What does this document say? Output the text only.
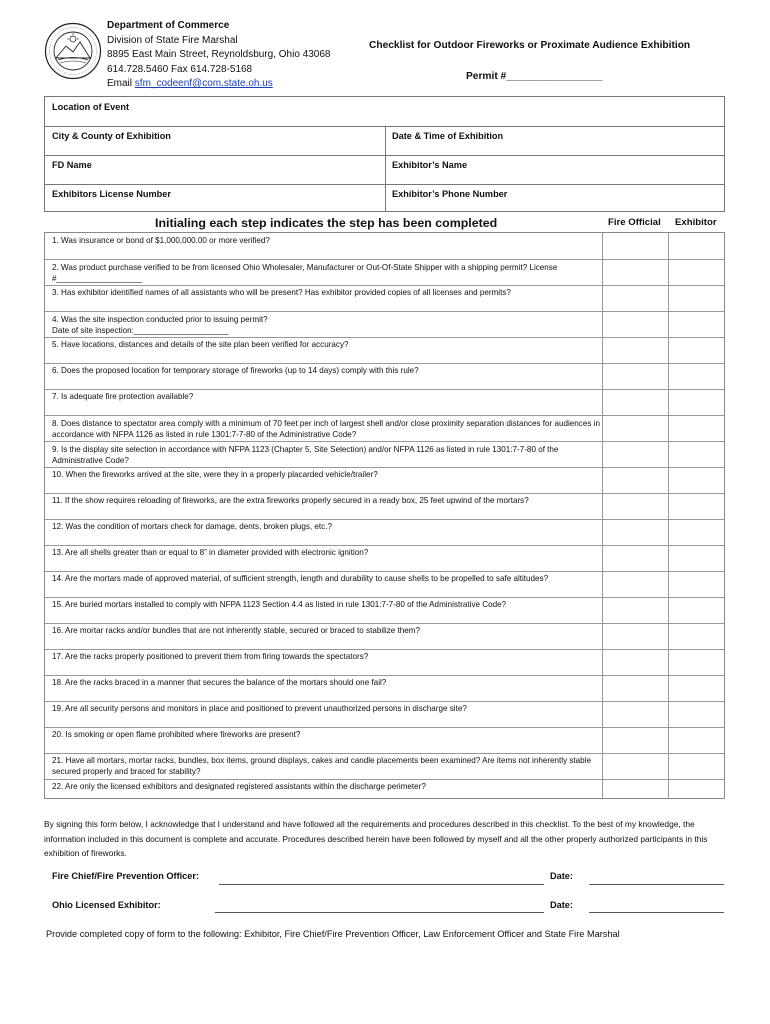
Department of Commerce
Division of State Fire Marshal
8895 East Main Street, Reynoldsburg, Ohio 43068
614.728.5460 Fax 614.728-5168
Email sfm_codeenf@com.state.oh.us
Checklist for Outdoor Fireworks or Proximate Audience Exhibition
Permit #_________________
Location of Event
City & County of Exhibition	Date & Time of Exhibition
FD Name	Exhibitor’s Name
Exhibitors License Number	Exhibitor’s Phone Number
Initialing each step indicates the step has been completed	Fire Official Exhibitor
1. Was insurance or bond of $1,000,000.00 or more verified?
2. Was product purchase verified to be from licensed Ohio Wholesaler, Manufacturer or Out-Of-State Shipper with a shipping permit? License #___________________
3. Has exhibitor identified names of all assistants who will be present? Has exhibitor provided copies of all licenses and permits?
4. Was the site inspection conducted prior to issuing permit?
Date of site inspection:_____________________
5. Have locations, distances and details of the site plan been verified for accuracy?
6. Does the proposed location for temporary storage of fireworks (up to 14 days) comply with this rule?
7. Is adequate fire protection available?
8. Does distance to spectator area comply with a minimum of 70 feet per inch of largest shell and/or close proximity separation distances for audiences in accordance with NFPA 1126 as listed in rule 1301:7-7-80 of the Administrative Code?
9. Is the display site selection in accordance with NFPA 1123 (Chapter 5, Site Selection) and/or NFPA 1126 as listed in rule 1301:7-7-80 of the Administrative Code?
10. When the fireworks arrived at the site, were they in a properly placarded vehicle/trailer?
11. If the show requires reloading of fireworks, are the extra fireworks properly secured in a ready box, 25 feet upwind of the mortars?
12. Was the condition of mortars check for damage, dents, broken plugs, etc.?
13. Are all shells greater than or equal to 8” in diameter provided with electronic ignition?
14. Are the mortars made of approved material, of sufficient strength, length and durability to cause shells to be propelled to safe altitudes?
15. Are buried mortars installed to comply with NFPA 1123 Section 4.4 as listed in rule 1301:7-7-80 of the Administrative Code?
16. Are mortar racks and/or bundles that are not inherently stable, secured or braced to stabilize them?
17. Are the racks properly positioned to prevent them from firing towards the spectators?
18. Are the racks braced in a manner that secures the balance of the mortars should one fail?
19. Are all security persons and monitors in place and positioned to prevent unauthorized persons in discharge site?
20. Is smoking or open flame prohibited where fireworks are present?
21. Have all mortars, mortar racks, bundles, box items, ground displays, cakes and candle placements been examined? Are items not inherently stable secured properly and braced for stability?
22. Are only the licensed exhibitors and designated registered assistants within the discharge perimeter?
By signing this form below, I acknowledge that I understand and have followed all the requirements and procedures described in this checklist. To the best of my knowledge, the information included in this document is complete and accurate. Procedures described herein have been followed by myself and all the other properly authorized participants in this exhibition of fireworks.
Fire Chief/Fire Prevention Officer:	Date:
Ohio Licensed Exhibitor:	Date:
Provide completed copy of form to the following: Exhibitor, Fire Chief/Fire Prevention Officer, Law Enforcement Officer and State Fire Marshal
